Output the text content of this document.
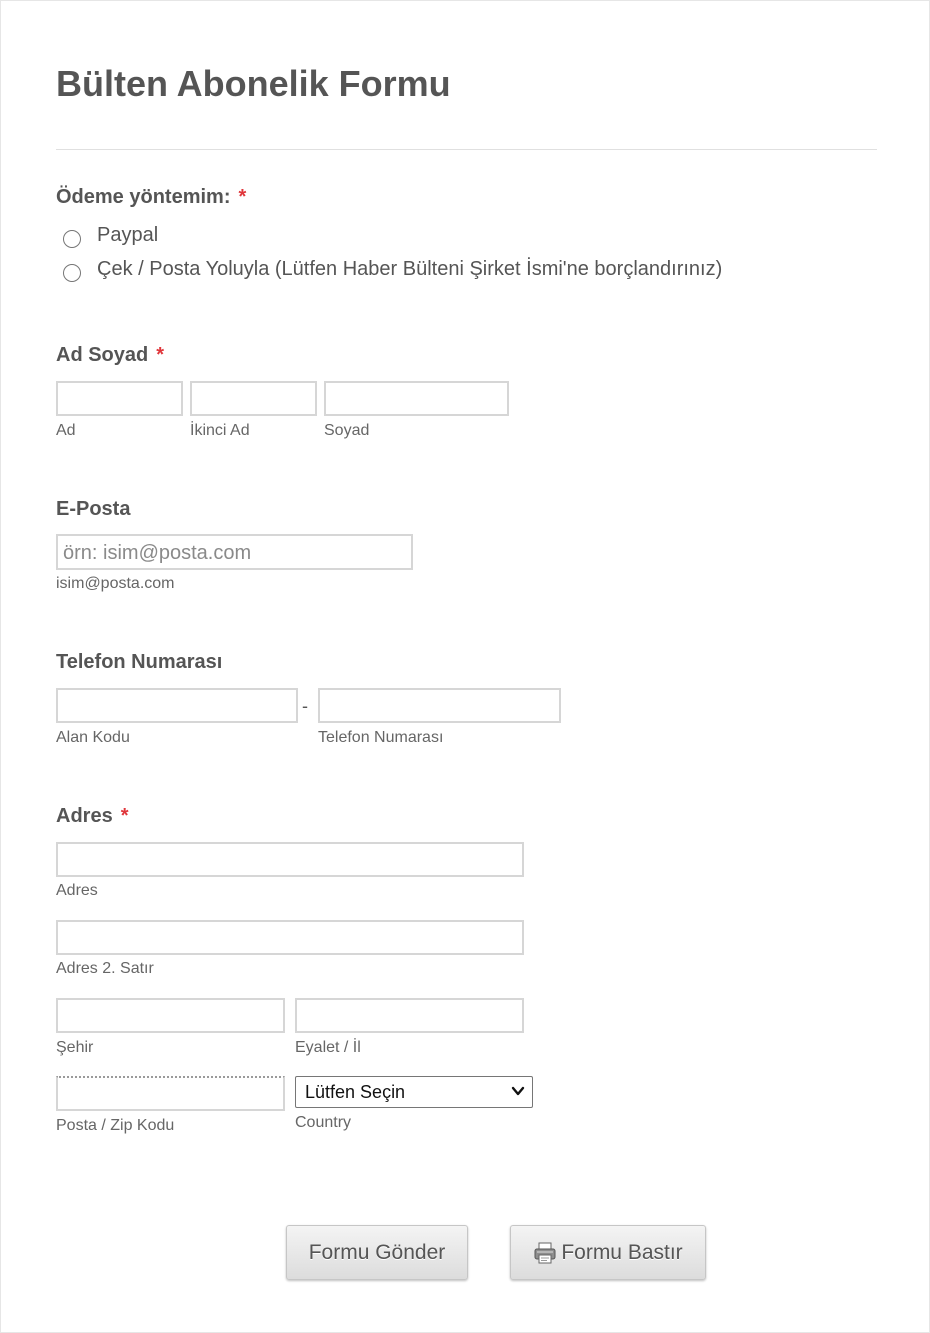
Bülten Abonelik Formu
Ödeme yöntemim: *
Paypal
Çek / Posta Yoluyla (Lütfen Haber Bülteni Şirket İsmi'ne borçlandırınız)
Ad Soyad *
Ad	İkinci Ad	Soyad
E-Posta
örn: isim@posta.com
isim@posta.com
Telefon Numarası
-
Alan Kodu	Telefon Numarası
Adres *
Adres
Adres 2. Satır
Şehir	Eyalet / İl
Lütfen Seçin
Posta / Zip Kodu	Country
Formu Gönder	Formu Bastır
